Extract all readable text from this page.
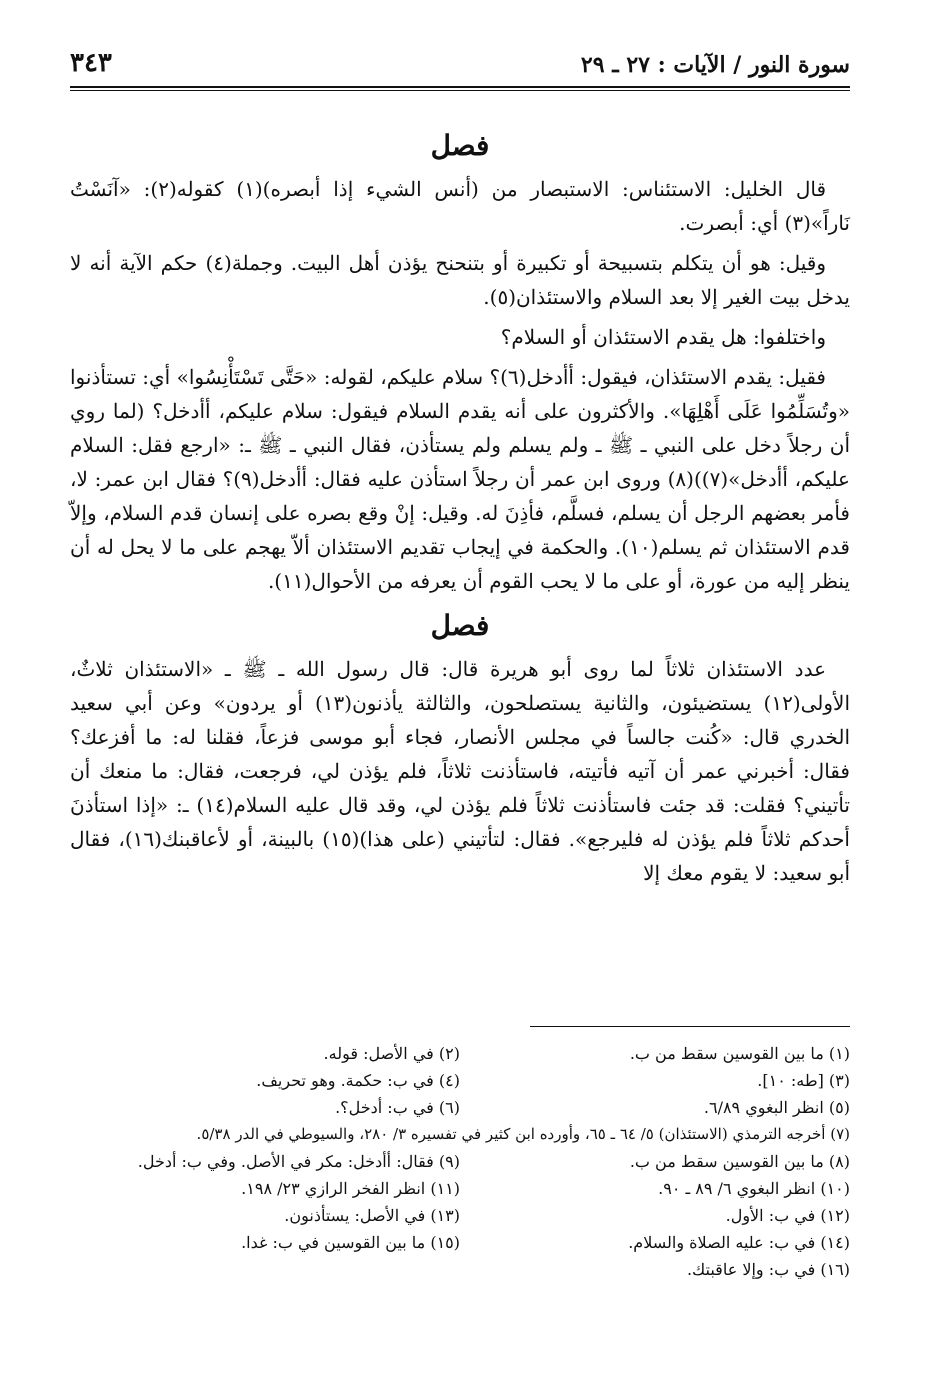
سورة النور / الآيات : ٢٧ ـ ٢٩
٣٤٣
فصل

قال الخليل: الاستئناس: الاستبصار من (أنس الشيء إذا أبصره)(١) كقوله(٢): «آنَسْتُ نَاراً»(٣) أي: أبصرت.

وقيل: هو أن يتكلم بتسبيحة أو تكبيرة أو بتنحنح يؤذن أهل البيت. وجملة(٤) حكم الآية أنه لا يدخل بيت الغير إلا بعد السلام والاستئذان(٥).

واختلفوا: هل يقدم الاستئذان أو السلام؟

فقيل: يقدم الاستئذان، فيقول: أأدخل(٦)؟ سلام عليكم، لقوله: «حَتَّى تَسْتَأْنِسُوا» أي: تستأذنوا «وتُسَلِّمُوا عَلَى أَهْلِهَا». والأكثرون على أنه يقدم السلام فيقول: سلام عليكم، أأدخل؟ (لما روي أن رجلاً دخل على النبي ـ ﷺ ـ ولم يسلم ولم يستأذن، فقال النبي ـ ﷺ ـ: «ارجع فقل: السلام عليكم، أأدخل»(٧))(٨) وروى ابن عمر أن رجلاً استأذن عليه فقال: أأدخل(٩)؟ فقال ابن عمر: لا، فأمر بعضهم الرجل أن يسلم، فسلَّم، فأذِنَ له. وقيل: إنْ وقع بصره على إنسان قدم السلام، وإلاّ قدم الاستئذان ثم يسلم(١٠). والحكمة في إيجاب تقديم الاستئذان ألاّ يهجم على ما لا يحل له أن ينظر إليه من عورة، أو على ما لا يحب القوم أن يعرفه من الأحوال(١١).

فصل

عدد الاستئذان ثلاثاً لما روى أبو هريرة قال: قال رسول الله ـ ﷺ ـ «الاستئذان ثلاثٌ، الأولى(١٢) يستضيئون، والثانية يستصلحون، والثالثة يأذنون(١٣) أو يردون» وعن أبي سعيد الخدري قال: «كُنت جالساً في مجلس الأنصار، فجاء أبو موسى فزعاً، فقلنا له: ما أفزعك؟ فقال: أخبرني عمر أن آتيه فأتيته، فاستأذنت ثلاثاً، فلم يؤذن لي، فرجعت، فقال: ما منعك أن تأتيني؟ فقلت: قد جئت فاستأذنت ثلاثاً فلم يؤذن لي، وقد قال عليه السلام(١٤) ـ: «إذا استأذنَ أحدكم ثلاثاً فلم يؤذن له فليرجع». فقال: لتأتيني (على هذا)(١٥) بالبينة، أو لأعاقبنك(١٦)، فقال أبو سعيد: لا يقوم معك إلا

(١) ما بين القوسين سقط من ب.
(٢) في الأصل: قوله.
(٣) [طه: ١٠].
(٤) في ب: حكمة. وهو تحريف.
(٥) انظر البغوي ٦/٨٩.
(٦) في ب: أدخل؟.
(٧) أخرجه الترمذي (الاستئذان) ٥/ ٦٤ ـ ٦٥، وأورده ابن كثير في تفسيره ٣/ ٢٨٠، والسيوطي في الدر ٥/٣٨.
(٨) ما بين القوسين سقط من ب.
(٩) فقال: أأدخل: مكر في الأصل. وفي ب: أدخل.
(١٠) انظر البغوي ٦/ ٨٩ ـ ٩٠.
(١١) انظر الفخر الرازي ٢٣/ ١٩٨.
(١٢) في ب: الأول.
(١٣) في الأصل: يستأذنون.
(١٤) في ب: عليه الصلاة والسلام.
(١٥) ما بين القوسين في ب: غدا.
(١٦) في ب: وإلا عاقبتك.
